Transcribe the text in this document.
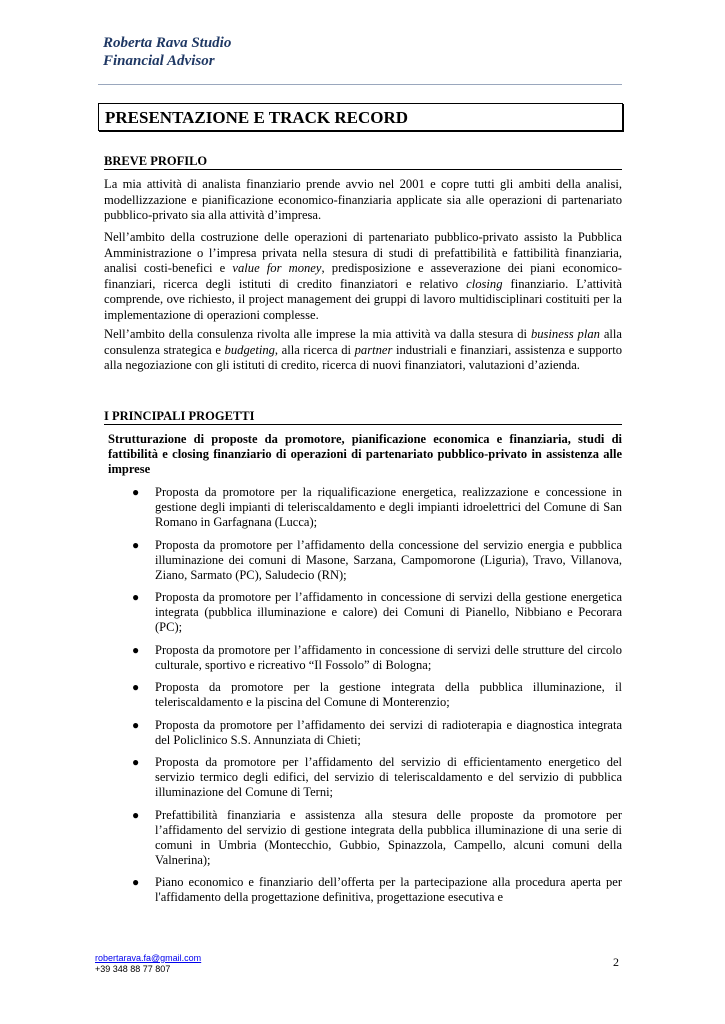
Roberta Rava Studio
Financial Advisor
PRESENTAZIONE E TRACK RECORD
BREVE PROFILO

La mia attività di analista finanziario prende avvio nel 2001 e copre tutti gli ambiti della analisi, modellizzazione e pianificazione economico-finanziaria applicate sia alle operazioni di partenariato pubblico-privato sia alla attività d’impresa.

Nell’ambito della costruzione delle operazioni di partenariato pubblico-privato assisto la Pubblica Amministrazione o l’impresa privata nella stesura di studi di prefattibilità e fattibilità finanziaria, analisi costi-benefici e value for money, predisposizione e asseverazione dei piani economico-finanziari, ricerca degli istituti di credito finanziatori e relativo closing finanziario. L’attività comprende, ove richiesto, il project management dei gruppi di lavoro multidisciplinari costituiti per la implementazione di operazioni complesse.

Nell’ambito della consulenza rivolta alle imprese la mia attività va dalla stesura di business plan alla consulenza strategica e budgeting, alla ricerca di partner industriali e finanziari, assistenza e supporto alla negoziazione con gli istituti di credito, ricerca di nuovi finanziatori, valutazioni d’azienda.

I PRINCIPALI PROGETTI
Strutturazione di proposte da promotore, pianificazione economica e finanziaria, studi di fattibilità e closing finanziario di operazioni di partenariato pubblico-privato in assistenza alle imprese
● Proposta da promotore per la riqualificazione energetica, realizzazione e concessione in gestione degli impianti di teleriscaldamento e degli impianti idroelettrici del Comune di San Romano in Garfagnana (Lucca);
● Proposta da promotore per l’affidamento della concessione del servizio energia e pubblica illuminazione dei comuni di Masone, Sarzana, Campomorone (Liguria), Travo, Villanova, Ziano, Sarmato (PC), Saludecio (RN);
● Proposta da promotore per l’affidamento in concessione di servizi della gestione energetica integrata (pubblica illuminazione e calore) dei Comuni di Pianello, Nibbiano e Pecorara (PC);
● Proposta da promotore per l’affidamento in concessione di servizi delle strutture del circolo culturale, sportivo e ricreativo “Il Fossolo” di Bologna;
● Proposta da promotore per la gestione integrata della pubblica illuminazione, il teleriscaldamento e la piscina del Comune di Monterenzio;
● Proposta da promotore per l’affidamento dei servizi di radioterapia e diagnostica integrata del Policlinico S.S. Annunziata di Chieti;
● Proposta da promotore per l’affidamento del servizio di efficientamento energetico del servizio termico degli edifici, del servizio di teleriscaldamento e del servizio di pubblica illuminazione del Comune di Terni;
● Prefattibilità finanziaria e assistenza alla stesura delle proposte da promotore per l’affidamento del servizio di gestione integrata della pubblica illuminazione di una serie di comuni in Umbria (Montecchio, Gubbio, Spinazzola, Campello, alcuni comuni della Valnerina);
● Piano economico e finanziario dell’offerta per la partecipazione alla procedura aperta per l'affidamento della progettazione definitiva, progettazione esecutiva e
robertarava.fa@gmail.com
+39 348 88 77 807	2
